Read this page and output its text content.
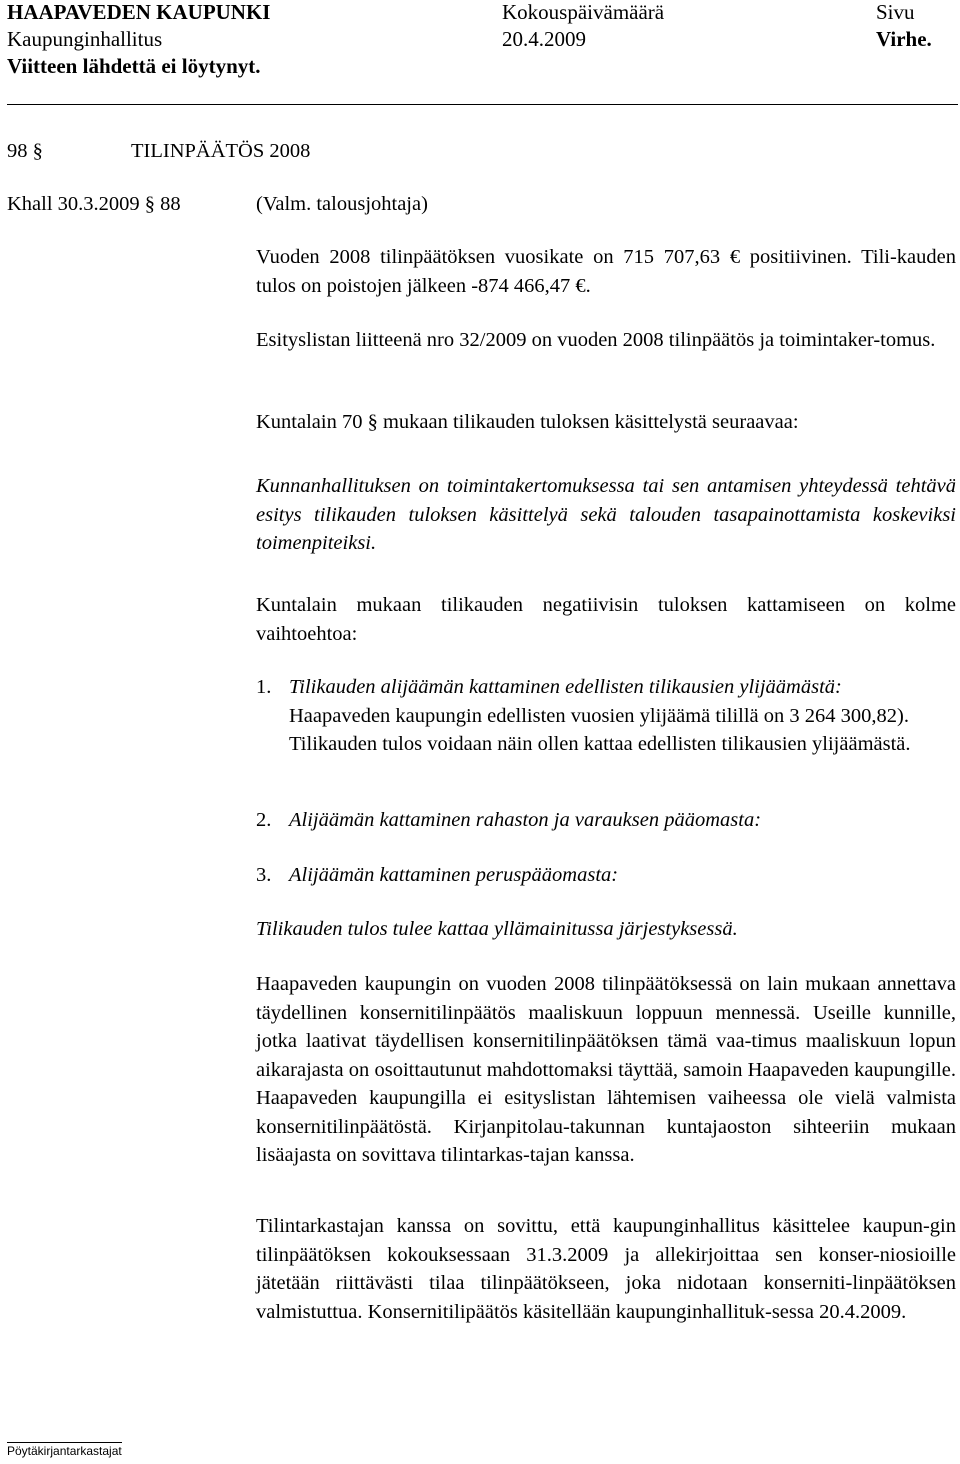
HAAPAVEDEN KAUPUNKI	Kokouspäivämäärä	Sivu
Kaupunginhallitus	20.4.2009	Virhe.
Viitteen lähdettä ei löytynyt.
98 §	TILINPÄÄTÖS 2008
Khall 30.3.2009 § 88	(Valm. talousjohtaja)

Vuoden 2008 tilinpäätöksen vuosikate on 715 707,63 € positiivinen. Tili-kauden tulos on poistojen jälkeen -874 466,47 €.

Esityslistan liitteenä nro 32/2009 on vuoden 2008 tilinpäätös ja toimintaker-tomus.

Kuntalain 70 § mukaan tilikauden tuloksen käsittelystä seuraavaa:

Kunnanhallituksen on toimintakertomuksessa tai sen antamisen yhteydessä tehtävä esitys tilikauden tuloksen käsittelyä sekä talouden tasapainottamista koskeviksi toimenpiteiksi.

Kuntalain mukaan tilikauden negatiivisin tuloksen kattamiseen on kolme vaihtoehtoa:

1. Tilikauden alijäämän kattaminen edellisten tilikausien ylijäämästä:
Haapaveden kaupungin edellisten vuosien ylijäämä tilillä on 3 264 300,82). Tilikauden tulos voidaan näin ollen kattaa edellisten tilikausien ylijäämästä.
2. Alijäämän kattaminen rahaston ja varauksen pääomasta:
3. Alijäämän kattaminen peruspääomasta:
Tilikauden tulos tulee kattaa yllämainitussa järjestyksessä.

Haapaveden kaupungin on vuoden 2008 tilinpäätöksessä on lain mukaan annettava täydellinen konsernitilinpäätös maaliskuun loppuun mennessä. Useille kunnille, jotka laativat täydellisen konsernitilinpäätöksen tämä vaa-timus maaliskuun lopun aikarajasta on osoittautunut mahdottomaksi täyttää, samoin Haapaveden kaupungille. Haapaveden kaupungilla ei esityslistan lähtemisen vaiheessa ole vielä valmista konsernitilinpäätöstä. Kirjanpitolau-takunnan kuntajaoston sihteeriin mukaan lisäajasta on sovittava tilintarkas-tajan kanssa.

Tilintarkastajan kanssa on sovittu, että kaupunginhallitus käsittelee kaupun-gin tilinpäätöksen kokouksessaan 31.3.2009 ja allekirjoittaa sen konser-niosioille jätetään riittävästi tilaa tilinpäätökseen, joka nidotaan konserniti-linpäätöksen valmistuttua. Konsernitilipäätös käsitellään kaupunginhallituk-sessa 20.4.2009.

Pöytäkirjantarkastajat
